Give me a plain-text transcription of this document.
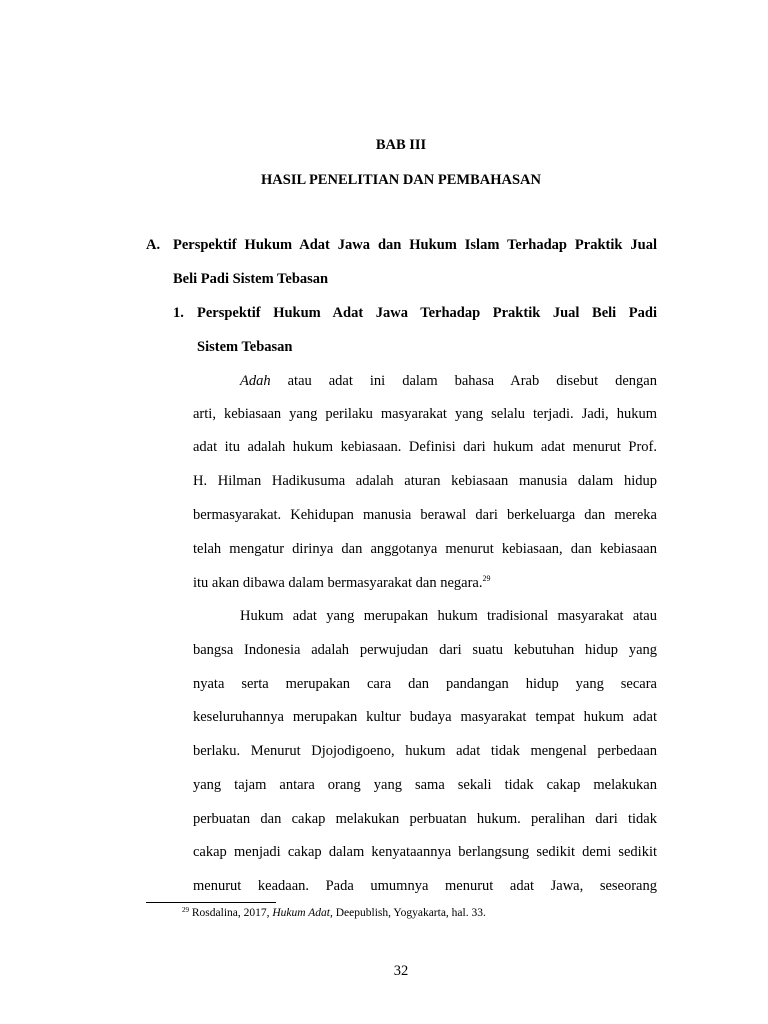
BAB III
HASIL PENELITIAN DAN PEMBAHASAN
A. Perspektif Hukum Adat Jawa dan Hukum Islam Terhadap Praktik Jual
Beli Padi Sistem Tebasan
1. Perspektif Hukum Adat Jawa Terhadap Praktik Jual Beli Padi
Sistem Tebasan
Adah atau adat ini dalam bahasa Arab disebut dengan
arti, kebiasaan yang perilaku masyarakat yang selalu terjadi. Jadi, hukum
adat itu adalah hukum kebiasaan. Definisi dari hukum adat menurut Prof.
H. Hilman Hadikusuma adalah aturan kebiasaan manusia dalam hidup
bermasyarakat. Kehidupan manusia berawal dari berkeluarga dan mereka
telah mengatur dirinya dan anggotanya menurut kebiasaan, dan kebiasaan
itu akan dibawa dalam bermasyarakat dan negara.$^{29}$
Hukum adat yang merupakan hukum tradisional masyarakat atau
bangsa Indonesia adalah perwujudan dari suatu kebutuhan hidup yang
nyata serta merupakan cara dan pandangan hidup yang secara
keseluruhannya merupakan kultur budaya masyarakat tempat hukum adat
berlaku. Menurut Djojodigoeno, hukum adat tidak mengenal perbedaan
yang tajam antara orang yang sama sekali tidak cakap melakukan
perbuatan dan cakap melakukan perbuatan hukum. peralihan dari tidak
cakap menjadi cakap dalam kenyataannya berlangsung sedikit demi sedikit
menurut keadaan. Pada umumnya menurut adat Jawa, seseorang
$^{29}$ Rosdalina, 2017, Hukum Adat, Deepublish, Yogyakarta, hal. 33.
32
